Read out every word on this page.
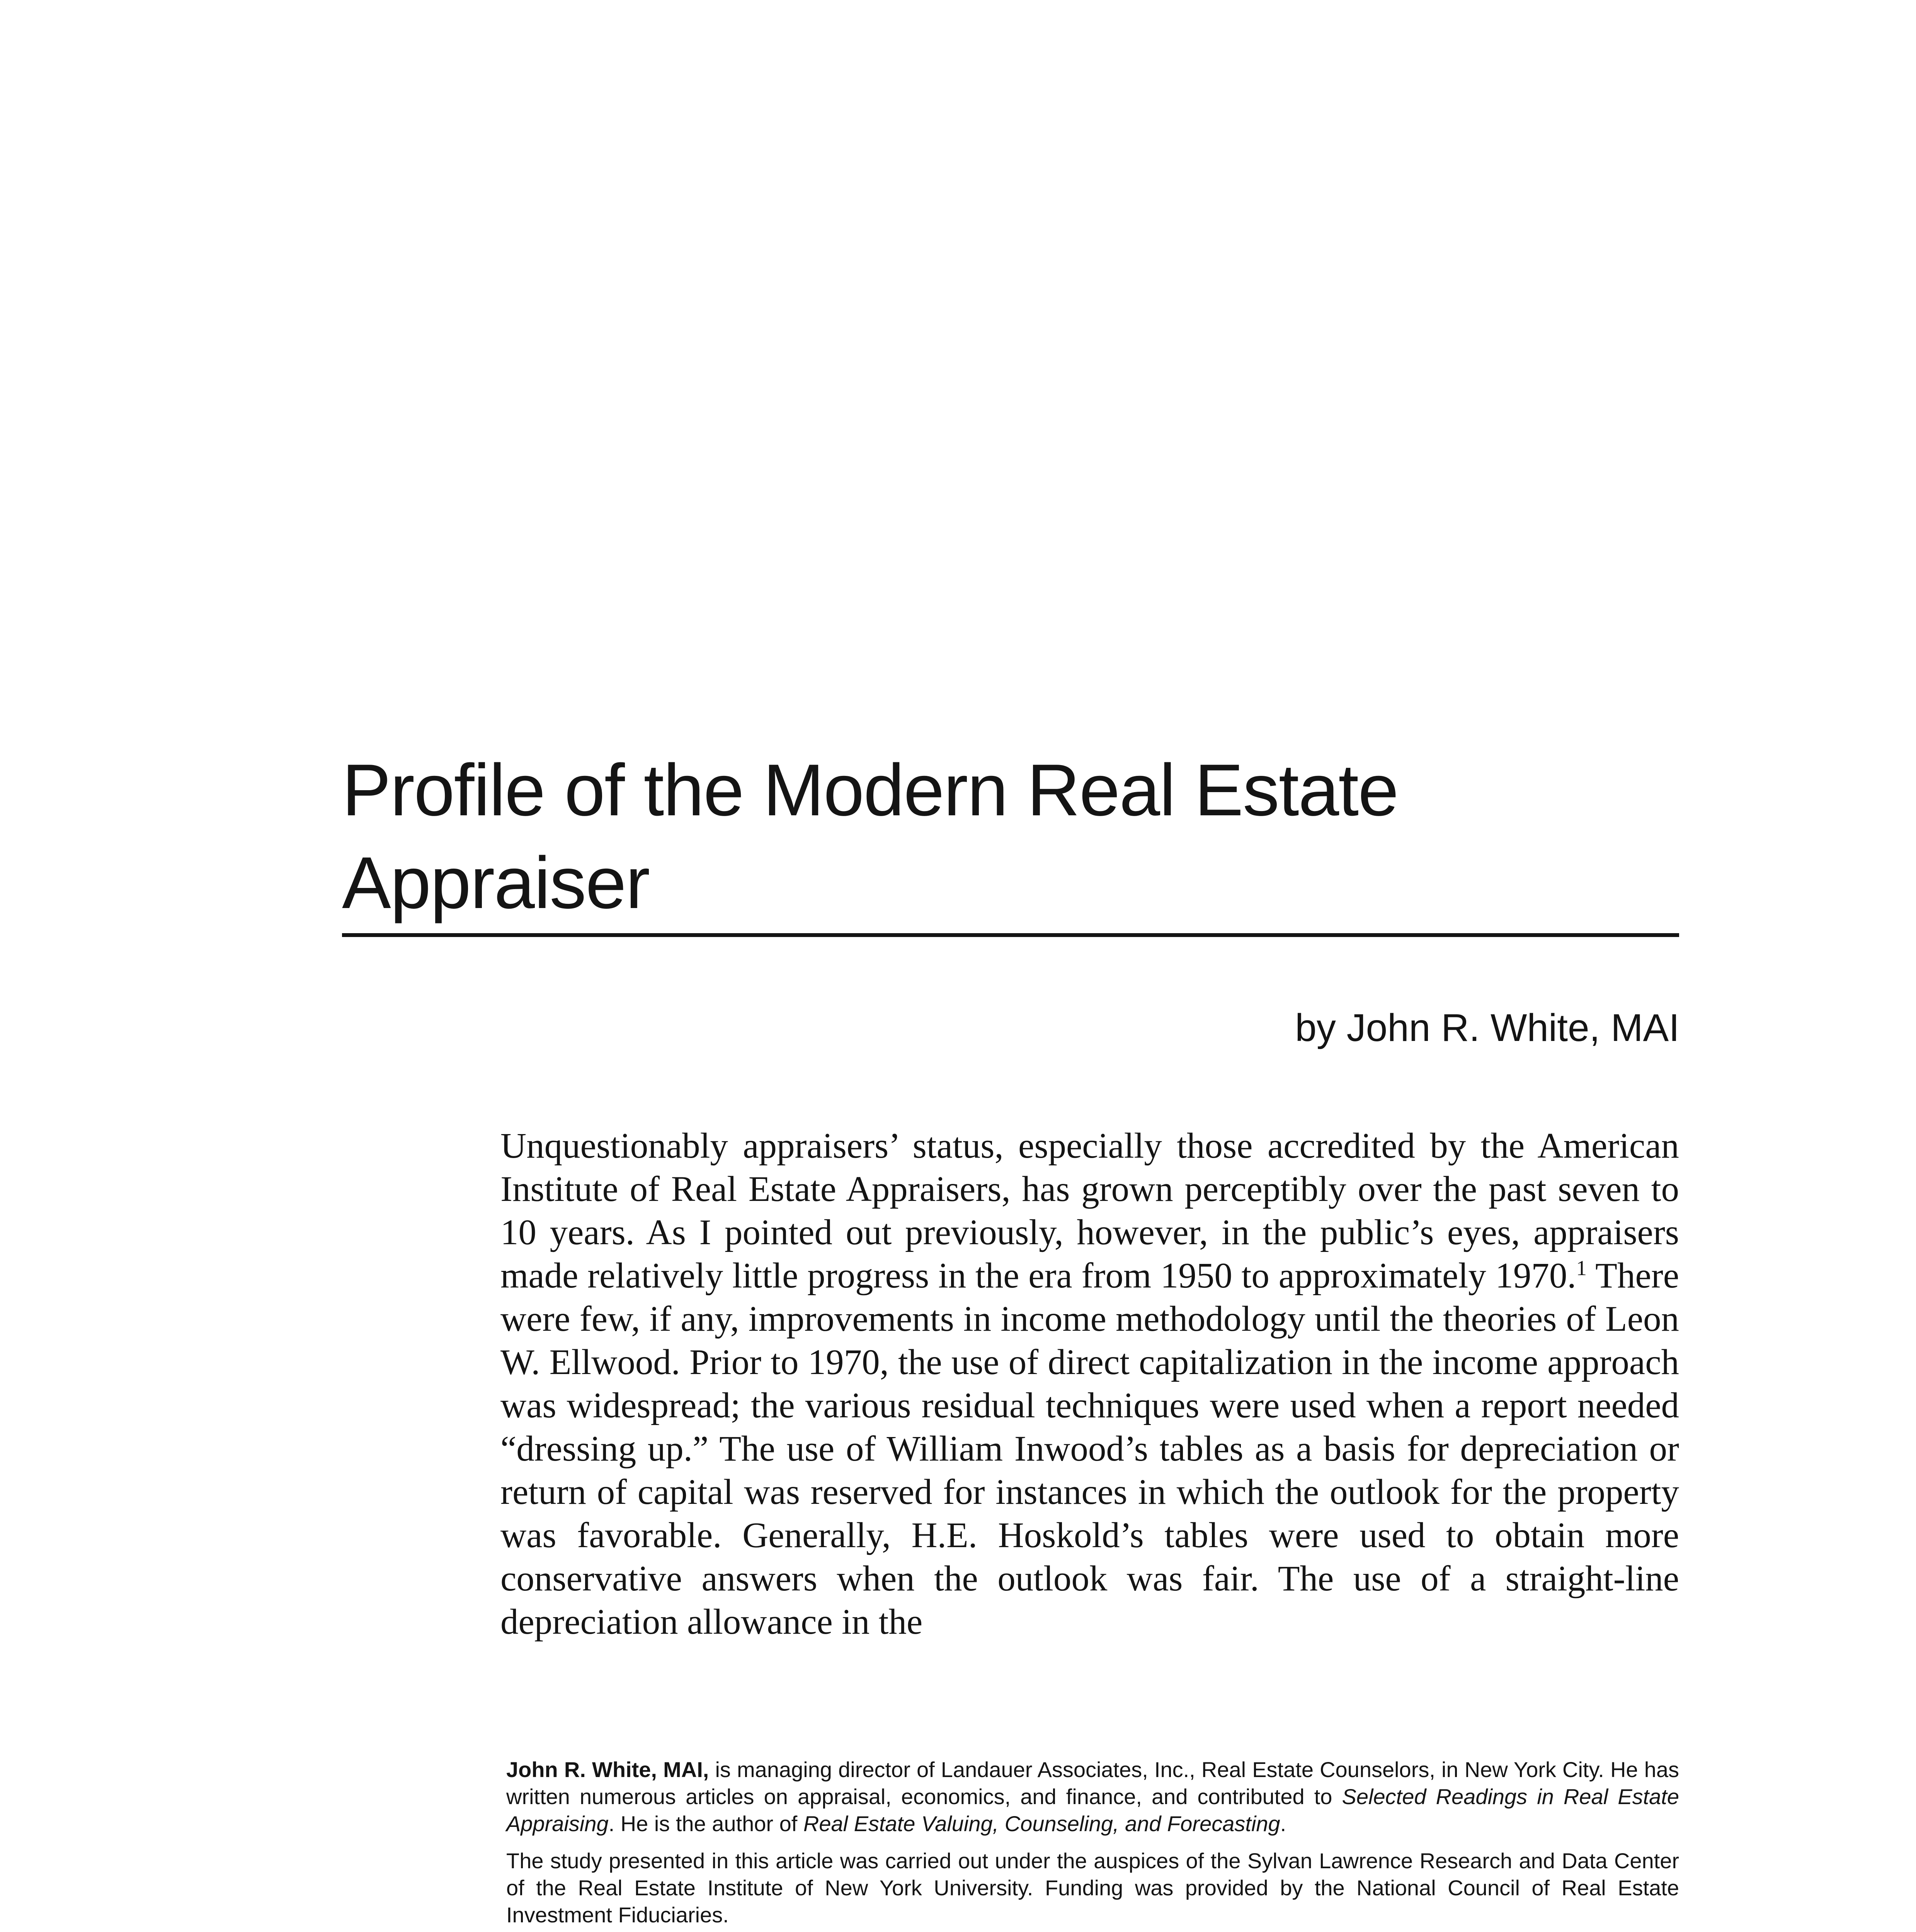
Profile of the Modern Real Estate Appraiser
by John R. White, MAI

Unquestionably appraisers’ status, especially those accredited by the American Institute of Real Estate Appraisers, has grown perceptibly over the past seven to 10 years. As I pointed out previously, however, in the public’s eyes, appraisers made relatively little progress in the era from 1950 to approximately 1970.$^1$ There were few, if any, improvements in income methodology until the theories of Leon W. Ellwood. Prior to 1970, the use of direct capitalization in the income approach was widespread; the various residual techniques were used when a report needed “dressing up.” The use of William Inwood’s tables as a basis for depreciation or return of capital was reserved for instances in which the outlook for the property was favorable. Generally, H.E. Hoskold’s tables were used to obtain more conservative answers when the outlook was fair. The use of a straight-line depreciation allowance in the

John R. White, MAI, is managing director of Landauer Associates, Inc., Real Estate Counselors, in New York City. He has written numerous articles on appraisal, economics, and finance, and contributed to Selected Readings in Real Estate Appraising. He is the author of Real Estate Valuing, Counseling, and Forecasting.

The study presented in this article was carried out under the auspices of the Sylvan Lawrence Research and Data Center of the Real Estate Institute of New York University. Funding was provided by the National Council of Real Estate Investment Fiduciaries.
